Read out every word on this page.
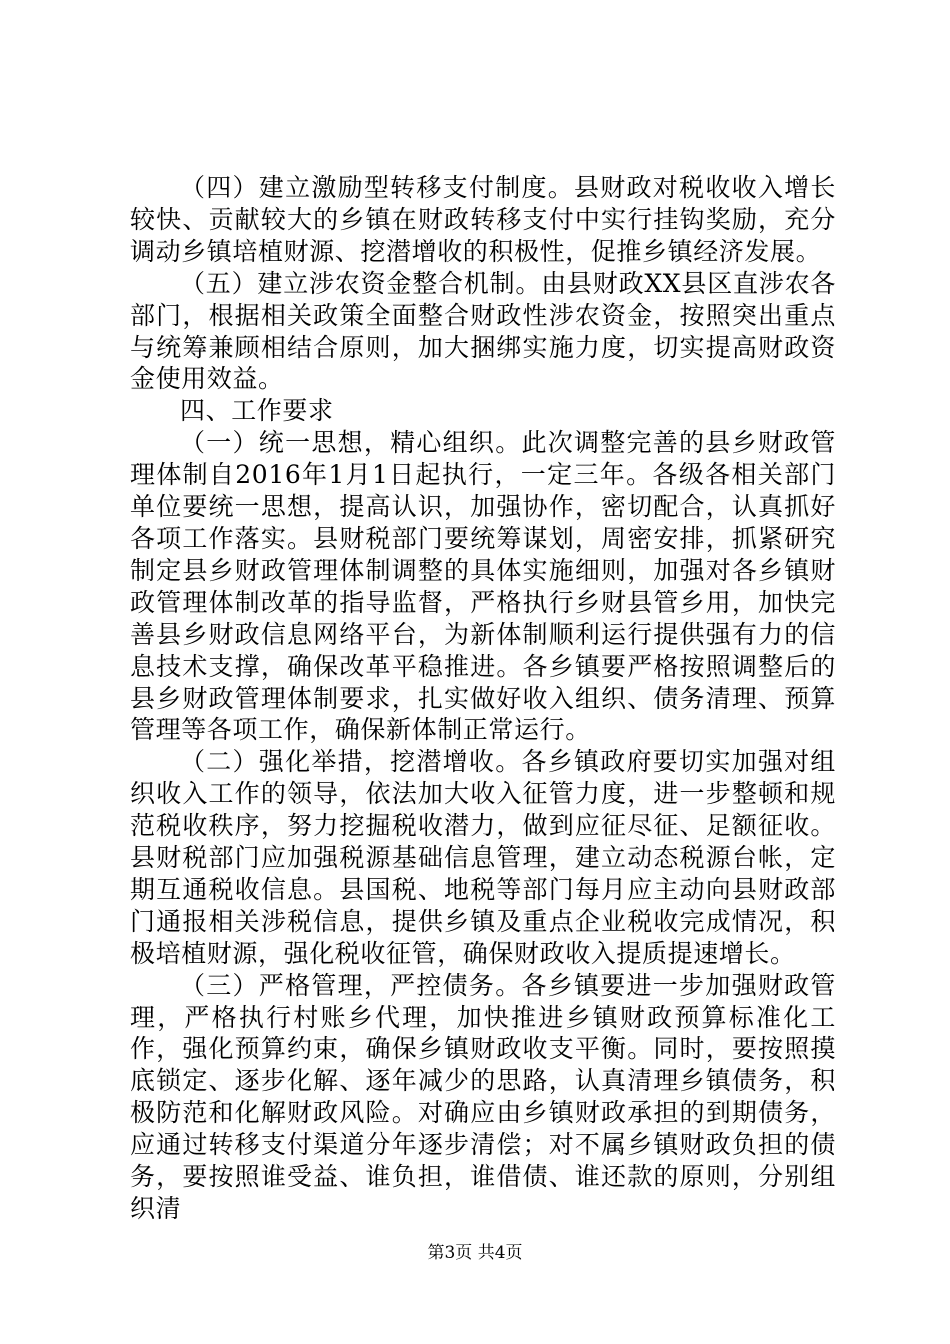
（四）建立激励型转移支付制度。县财政对税收收入增长较快、贡献较大的乡镇在财政转移支付中实行挂钩奖励，充分调动乡镇培植财源、挖潜增收的积极性，促推乡镇经济发展。

（五）建立涉农资金整合机制。由县财政XX县区直涉农各部门，根据相关政策全面整合财政性涉农资金，按照突出重点与统筹兼顾相结合原则，加大捆绑实施力度，切实提高财政资金使用效益。

四、工作要求

（一）统一思想，精心组织。此次调整完善的县乡财政管理体制自2016年1月1日起执行，一定三年。各级各相关部门单位要统一思想，提高认识，加强协作，密切配合，认真抓好各项工作落实。县财税部门要统筹谋划，周密安排，抓紧研究制定县乡财政管理体制调整的具体实施细则，加强对各乡镇财政管理体制改革的指导监督，严格执行乡财县管乡用，加快完善县乡财政信息网络平台，为新体制顺利运行提供强有力的信息技术支撑，确保改革平稳推进。各乡镇要严格按照调整后的县乡财政管理体制要求，扎实做好收入组织、债务清理、预算管理等各项工作，确保新体制正常运行。

（二）强化举措，挖潜增收。各乡镇政府要切实加强对组织收入工作的领导，依法加大收入征管力度，进一步整顿和规范税收秩序，努力挖掘税收潜力，做到应征尽征、足额征收。县财税部门应加强税源基础信息管理，建立动态税源台帐，定期互通税收信息。县国税、地税等部门每月应主动向县财政部门通报相关涉税信息，提供乡镇及重点企业税收完成情况，积极培植财源，强化税收征管，确保财政收入提质提速增长。

（三）严格管理，严控债务。各乡镇要进一步加强财政管理，严格执行村账乡代理，加快推进乡镇财政预算标准化工作，强化预算约束，确保乡镇财政收支平衡。同时，要按照摸底锁定、逐步化解、逐年减少的思路，认真清理乡镇债务，积极防范和化解财政风险。对确应由乡镇财政承担的到期债务，应通过转移支付渠道分年逐步清偿；对不属乡镇财政负担的债务，要按照谁受益、谁负担，谁借债、谁还款的原则，分别组织清

第3页 共4页
